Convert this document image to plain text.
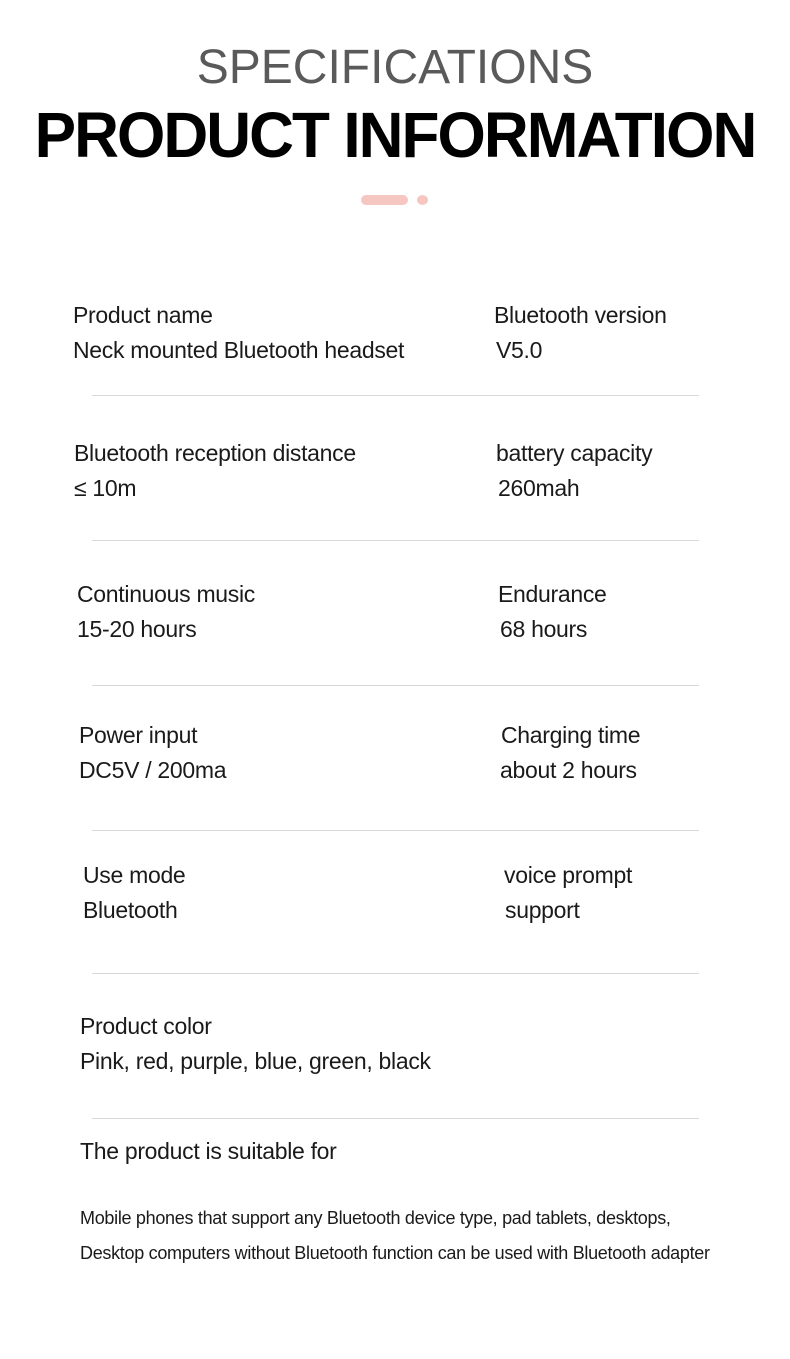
SPECIFICATIONS
PRODUCT INFORMATION
Product name
Neck mounted Bluetooth headset
Bluetooth version
V5.0
Bluetooth reception distance
≤ 10m
battery capacity
260mah
Continuous music
15-20 hours
Endurance
68 hours
Power input
DC5V / 200ma
Charging time
about 2 hours
Use mode
Bluetooth
voice prompt
support
Product color
Pink, red, purple, blue, green, black
The product is suitable for
Mobile phones that support any Bluetooth device type, pad tablets, desktops,
Desktop computers without Bluetooth function can be used with Bluetooth adapter
